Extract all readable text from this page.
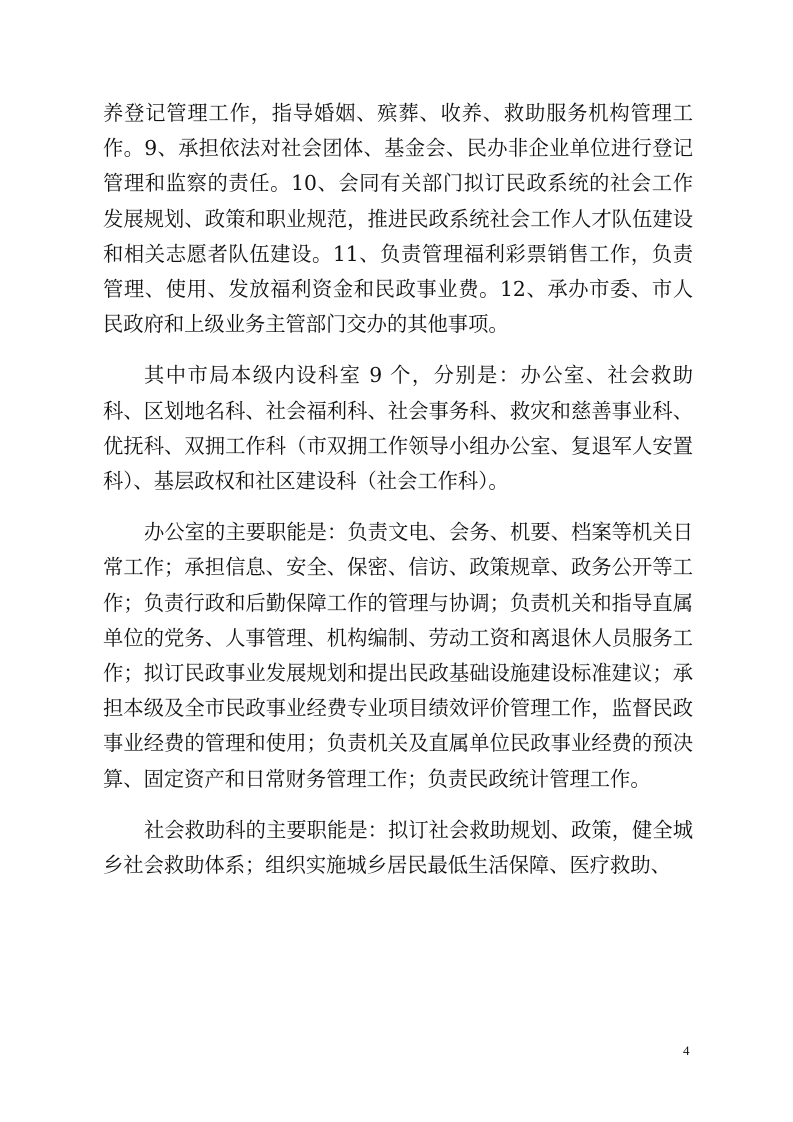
养登记管理工作，指导婚姻、殡葬、收养、救助服务机构管理工作。9、承担依法对社会团体、基金会、民办非企业单位进行登记管理和监察的责任。10、会同有关部门拟订民政系统的社会工作发展规划、政策和职业规范，推进民政系统社会工作人才队伍建设和相关志愿者队伍建设。11、负责管理福利彩票销售工作，负责管理、使用、发放福利资金和民政事业费。12、承办市委、市人民政府和上级业务主管部门交办的其他事项。

其中市局本级内设科室 9 个，分别是：办公室、社会救助科、区划地名科、社会福利科、社会事务科、救灾和慈善事业科、优抚科、双拥工作科（市双拥工作领导小组办公室、复退军人安置科）、基层政权和社区建设科（社会工作科）。

办公室的主要职能是：负责文电、会务、机要、档案等机关日常工作；承担信息、安全、保密、信访、政策规章、政务公开等工作；负责行政和后勤保障工作的管理与协调；负责机关和指导直属单位的党务、人事管理、机构编制、劳动工资和离退休人员服务工作；拟订民政事业发展规划和提出民政基础设施建设标准建议；承担本级及全市民政事业经费专业项目绩效评价管理工作，监督民政事业经费的管理和使用；负责机关及直属单位民政事业经费的预决算、固定资产和日常财务管理工作；负责民政统计管理工作。

社会救助科的主要职能是：拟订社会救助规划、政策，健全城乡社会救助体系；组织实施城乡居民最低生活保障、医疗救助、

4
